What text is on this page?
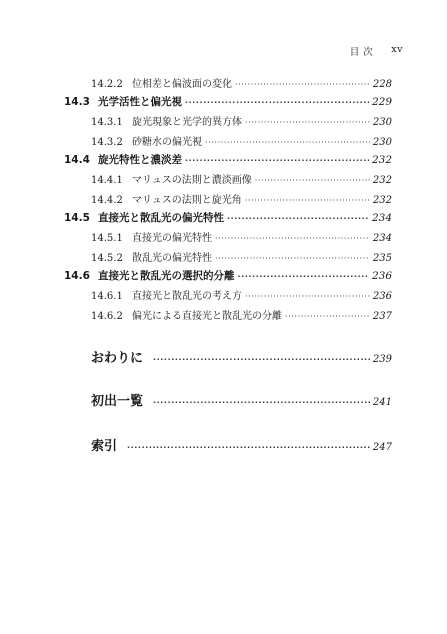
目 次 xv
14.2.2 位相差と偏波面の変化 ·····	228
14.3 光学活性と偏光視 ·····	229
14.3.1 旋光現象と光学的異方体 ·····	230
14.3.2 砂糖水の偏光視 ·····	230
14.4 旋光特性と濃淡差 ·····	232
14.4.1 マリュスの法則と濃淡画像 ·····	232
14.4.2 マリュスの法則と旋光角 ·····	232
14.5 直接光と散乱光の偏光特性 ·····	234
14.5.1 直接光の偏光特性 ·····	234
14.5.2 散乱光の偏光特性 ·····	235
14.6 直接光と散乱光の選択的分離 ·····	236
14.6.1 直接光と散乱光の考え方 ·····	236
14.6.2 偏光による直接光と散乱光の分離 ·····	237
おわりに ·····	239
初出一覧 ·····	241
索引 ·····	247
